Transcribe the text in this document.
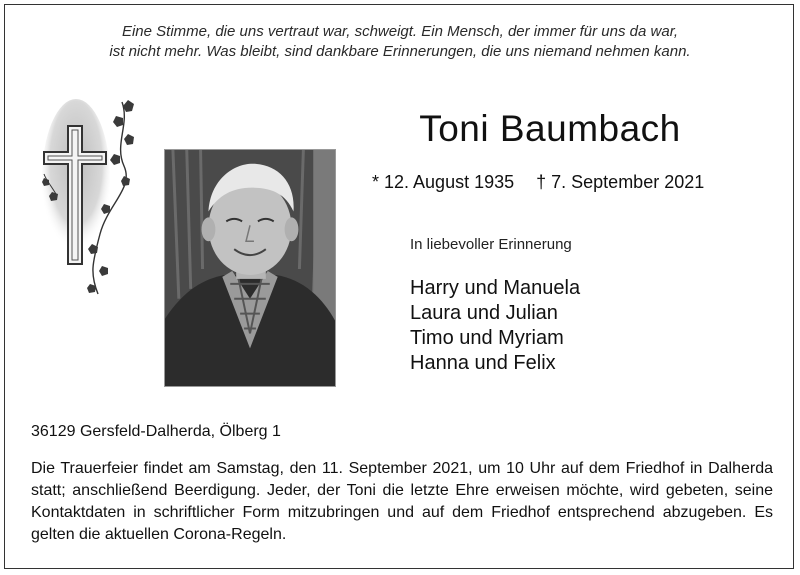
Eine Stimme, die uns vertraut war, schweigt. Ein Mensch, der immer für uns da war,
ist nicht mehr. Was bleibt, sind dankbare Erinnerungen, die uns niemand nehmen kann.
Toni Baumbach
* 12. August 1935 † 7. September 2021
In liebevoller Erinnerung
Harry und Manuela
Laura und Julian
Timo und Myriam
Hanna und Felix
36129 Gersfeld-Dalherda, Ölberg 1
Die Trauerfeier findet am Samstag, den 11. September 2021, um 10 Uhr auf dem Friedhof in Dalherda statt; anschließend Beerdigung. Jeder, der Toni die letzte Ehre erweisen möchte, wird gebeten, seine Kontaktdaten in schriftlicher Form mitzubringen und auf dem Friedhof entsprechend abzugeben. Es gelten die aktuellen Corona-Regeln.
